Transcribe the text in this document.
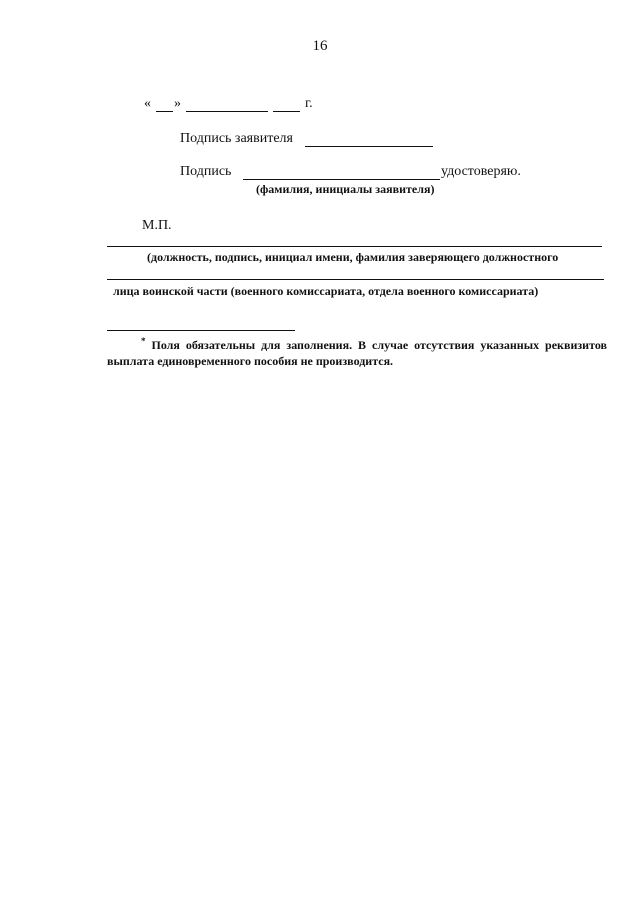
16
« »	г.
Подпись заявителя
Подпись	удостоверяю.
(фамилия, инициалы заявителя)
М.П.
(должность, подпись, инициал имени, фамилия заверяющего должностного
лица воинской части (военного комиссариата, отдела военного комиссариата)
* Поля обязательны для заполнения. В случае отсутствия указанных реквизитов выплата единовременного пособия не производится.
